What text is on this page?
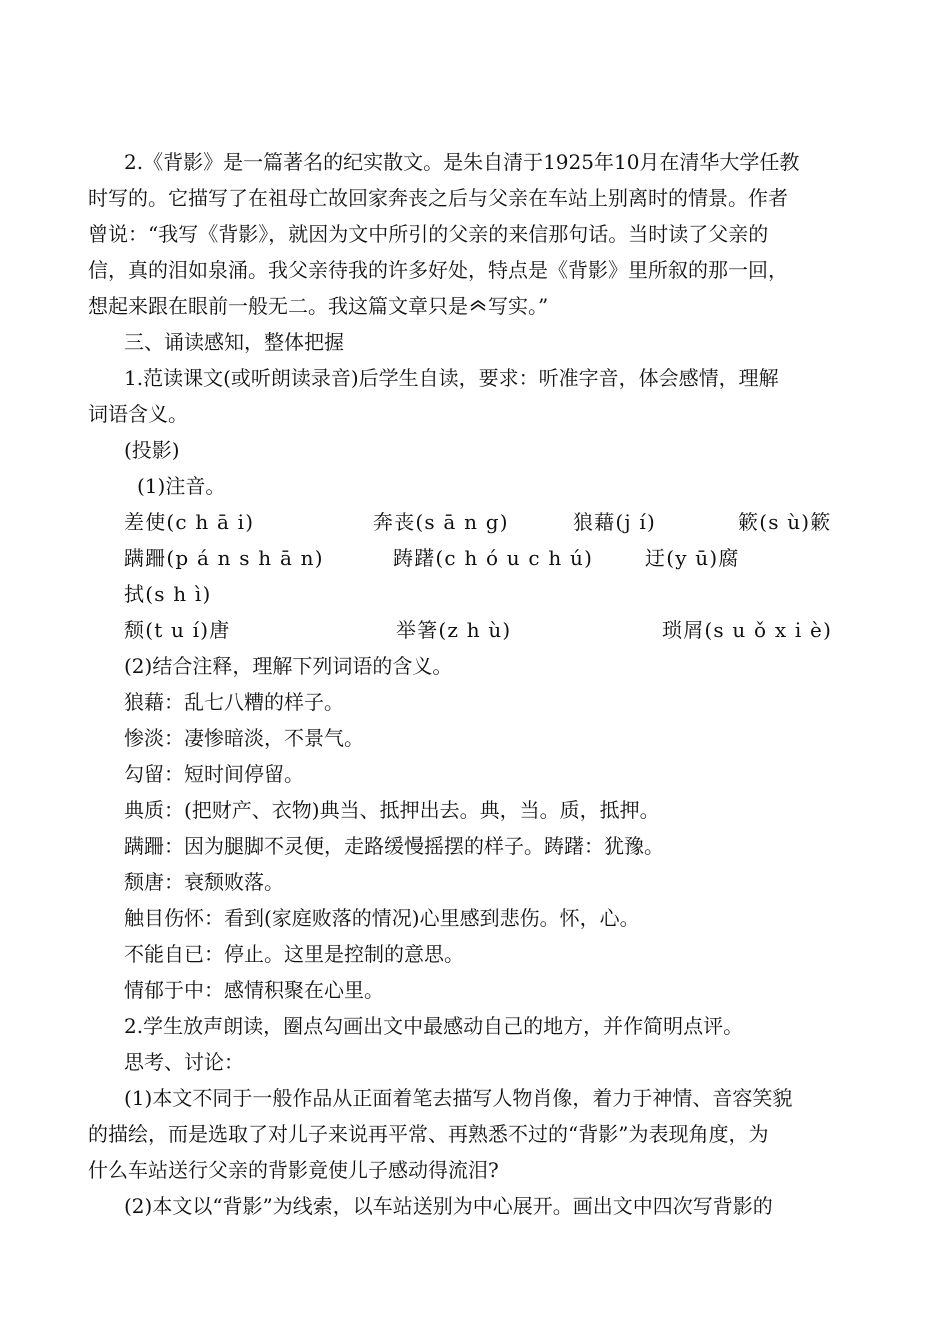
2.《背影》是一篇著名的纪实散文。是朱自清于1925年10月在清华大学任教
时写的。它描写了在祖母亡故回家奔丧之后与父亲在车站上别离时的情景。作者
曾说：“我写《背影》，就因为文中所引的父亲的来信那句话。当时读了父亲的
信，真的泪如泉涌。我父亲待我的许多好处，特点是《背影》里所叙的那一回，
想起来跟在眼前一般无二。我这篇文章只是 写实。”
三、诵读感知，整体把握
1.范读课文(或听朗读录音)后学生自读，要求：听准字音，体会感情，理解
词语含义。
(投影)
(1)注音。
差使(c h ā i)	奔丧(s ā n g)	狼藉(j í)	簌(s ù)簌
蹒跚(p á n s h ā n)	踌躇(c h ó u c h ú)	迂(y ū)腐
拭(s h ì)
颓(t u í)唐	举箸(z h ù)	琐屑(s u ǒ x i è)
(2)结合注释，理解下列词语的含义。
狼藉：乱七八糟的样子。
惨淡：凄惨暗淡，不景气。
勾留：短时间停留。
典质：(把财产、衣物)典当、抵押出去。典，当。质，抵押。
蹒跚：因为腿脚不灵便，走路缓慢摇摆的样子。踌躇：犹豫。
颓唐：衰颓败落。
触目伤怀：看到(家庭败落的情况)心里感到悲伤。怀，心。
不能自已：停止。这里是控制的意思。
情郁于中：感情积聚在心里。
2.学生放声朗读，圈点勾画出文中最感动自己的地方，并作简明点评。
思考、讨论：
(1)本文不同于一般作品从正面着笔去描写人物肖像，着力于神情、音容笑貌
的描绘，而是选取了对儿子来说再平常、再熟悉不过的“背影”为表现角度，为
什么车站送行父亲的背影竟使儿子感动得流泪?
(2)本文以“背影”为线索，以车站送别为中心展开。画出文中四次写背影的
